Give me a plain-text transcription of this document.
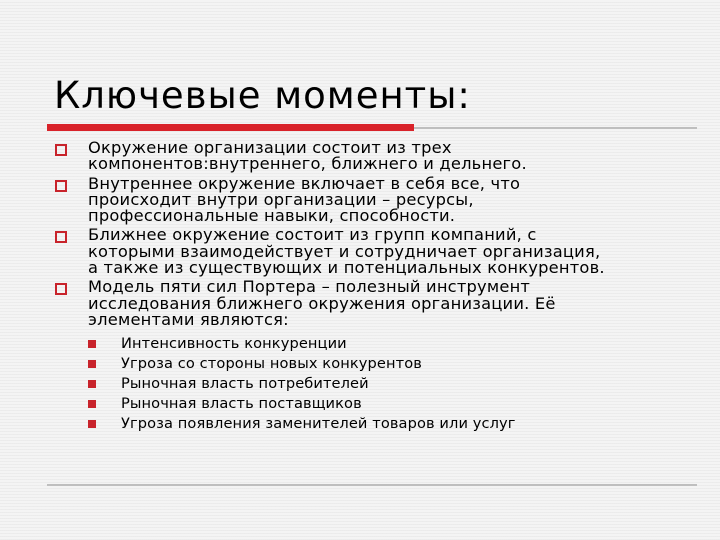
Ключевые моменты:
Окружение организации состоит из трех
компонентов:внутреннего, ближнего и дельнего.
Внутреннее окружение включает в себя все, что
происходит внутри организации – ресурсы,
профессиональные навыки, способности.
Ближнее окружение состоит из групп компаний, с
которыми взаимодействует и сотрудничает организация,
а также из существующих и потенциальных конкурентов.
Модель пяти сил Портера – полезный инструмент
исследования ближнего окружения организации. Её
элементами являются:
Интенсивность конкуренции
Угроза со стороны новых конкурентов
Рыночная власть потребителей
Рыночная власть поставщиков
Угроза появления заменителей товаров или услуг
